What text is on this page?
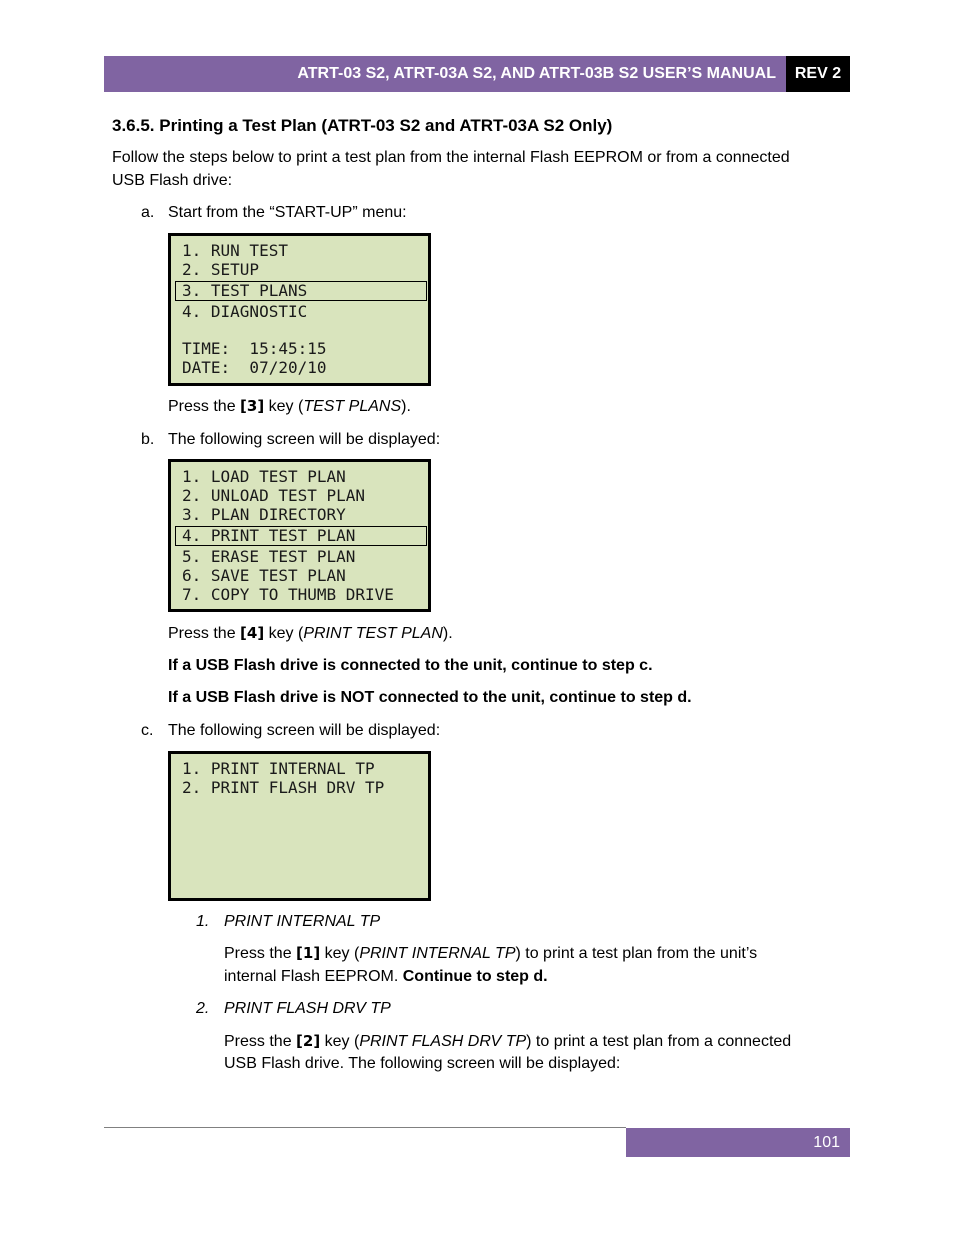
ATRT-03 S2, ATRT-03A S2, AND ATRT-03B S2 USER’S MANUAL REV 2
3.6.5. Printing a Test Plan (ATRT-03 S2 and ATRT-03A S2 Only)
Follow the steps below to print a test plan from the internal Flash EEPROM or from a connected
USB Flash drive:
a. Start from the “START-UP” menu:
1. RUN TEST
2. SETUP
3. TEST PLANS
4. DIAGNOSTIC
TIME:  15:45:15
DATE:  07/20/10
Press the [3] key (TEST PLANS).
b. The following screen will be displayed:
1. LOAD TEST PLAN
2. UNLOAD TEST PLAN
3. PLAN DIRECTORY
4. PRINT TEST PLAN
5. ERASE TEST PLAN
6. SAVE TEST PLAN
7. COPY TO THUMB DRIVE
Press the [4] key (PRINT TEST PLAN).
If a USB Flash drive is connected to the unit, continue to step c.
If a USB Flash drive is NOT connected to the unit, continue to step d.
c. The following screen will be displayed:
1. PRINT INTERNAL TP
2. PRINT FLASH DRV TP
1. PRINT INTERNAL TP
Press the [1] key (PRINT INTERNAL TP) to print a test plan from the unit’s
internal Flash EEPROM. Continue to step d.
2. PRINT FLASH DRV TP
Press the [2] key (PRINT FLASH DRV TP) to print a test plan from a connected
USB Flash drive. The following screen will be displayed:
101
